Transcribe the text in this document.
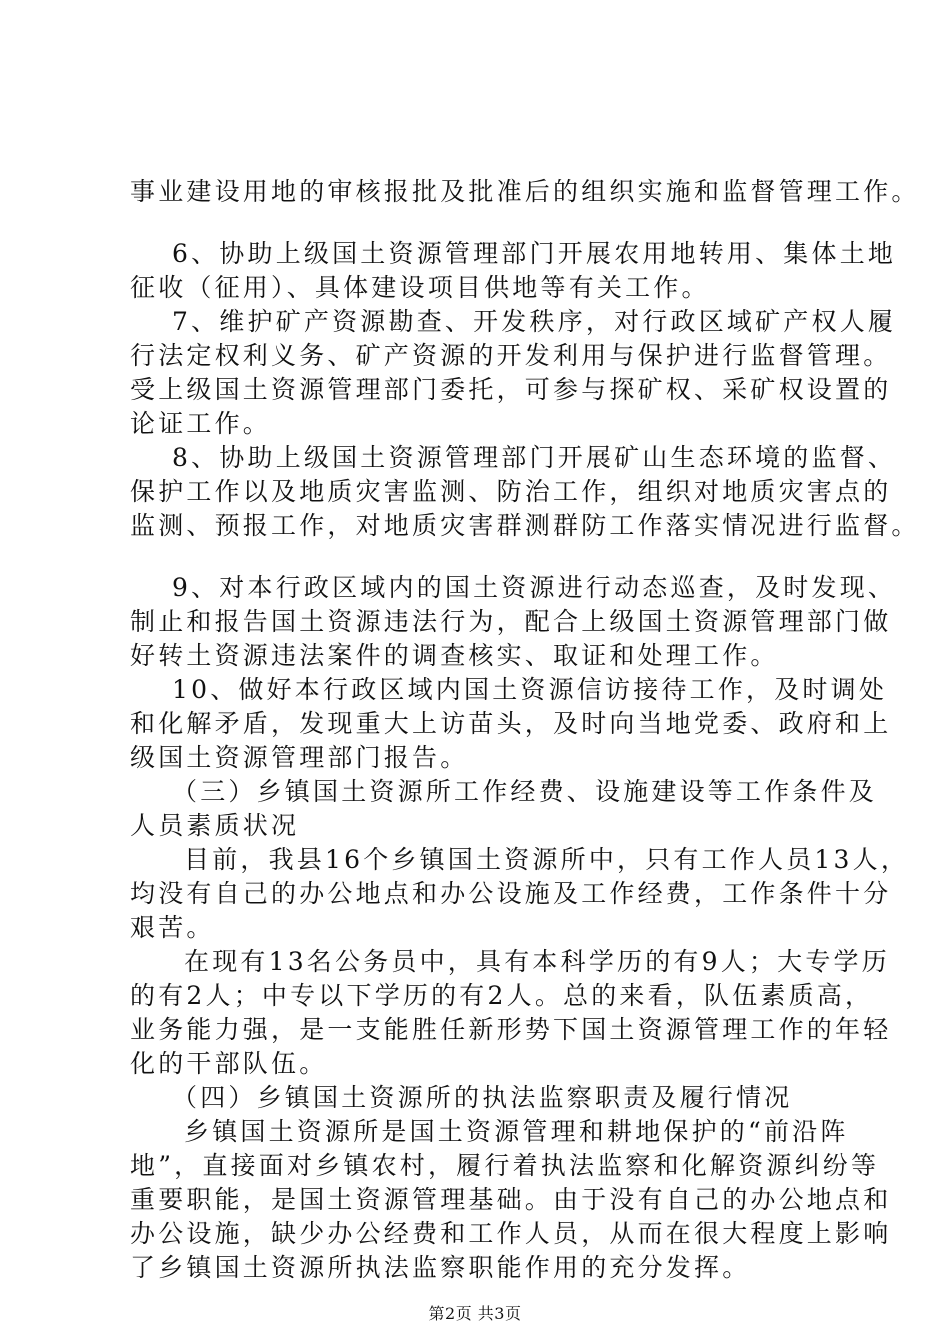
事业建设用地的审核报批及批准后的组织实施和监督管理工作。
6、协助上级国土资源管理部门开展农用地转用、集体土地
征收（征用）、具体建设项目供地等有关工作。
7、维护矿产资源勘查、开发秩序，对行政区域矿产权人履
行法定权利义务、矿产资源的开发利用与保护进行监督管理。
受上级国土资源管理部门委托，可参与探矿权、采矿权设置的
论证工作。
8、协助上级国土资源管理部门开展矿山生态环境的监督、
保护工作以及地质灾害监测、防治工作，组织对地质灾害点的
监测、预报工作，对地质灾害群测群防工作落实情况进行监督。
9、对本行政区域内的国土资源进行动态巡查，及时发现、
制止和报告国土资源违法行为，配合上级国土资源管理部门做
好转土资源违法案件的调查核实、取证和处理工作。
10、做好本行政区域内国土资源信访接待工作，及时调处
和化解矛盾，发现重大上访苗头，及时向当地党委、政府和上
级国土资源管理部门报告。
（三）乡镇国土资源所工作经费、设施建设等工作条件及
人员素质状况
目前，我县16个乡镇国土资源所中，只有工作人员13人，
均没有自己的办公地点和办公设施及工作经费，工作条件十分
艰苦。
在现有13名公务员中，具有本科学历的有9人；大专学历
的有2人；中专以下学历的有2人。总的来看，队伍素质高，
业务能力强，是一支能胜任新形势下国土资源管理工作的年轻
化的干部队伍。
（四）乡镇国土资源所的执法监察职责及履行情况
乡镇国土资源所是国土资源管理和耕地保护的“前沿阵
地”，直接面对乡镇农村，履行着执法监察和化解资源纠纷等
重要职能，是国土资源管理基础。由于没有自己的办公地点和
办公设施，缺少办公经费和工作人员，从而在很大程度上影响
了乡镇国土资源所执法监察职能作用的充分发挥。
第2页 共3页
